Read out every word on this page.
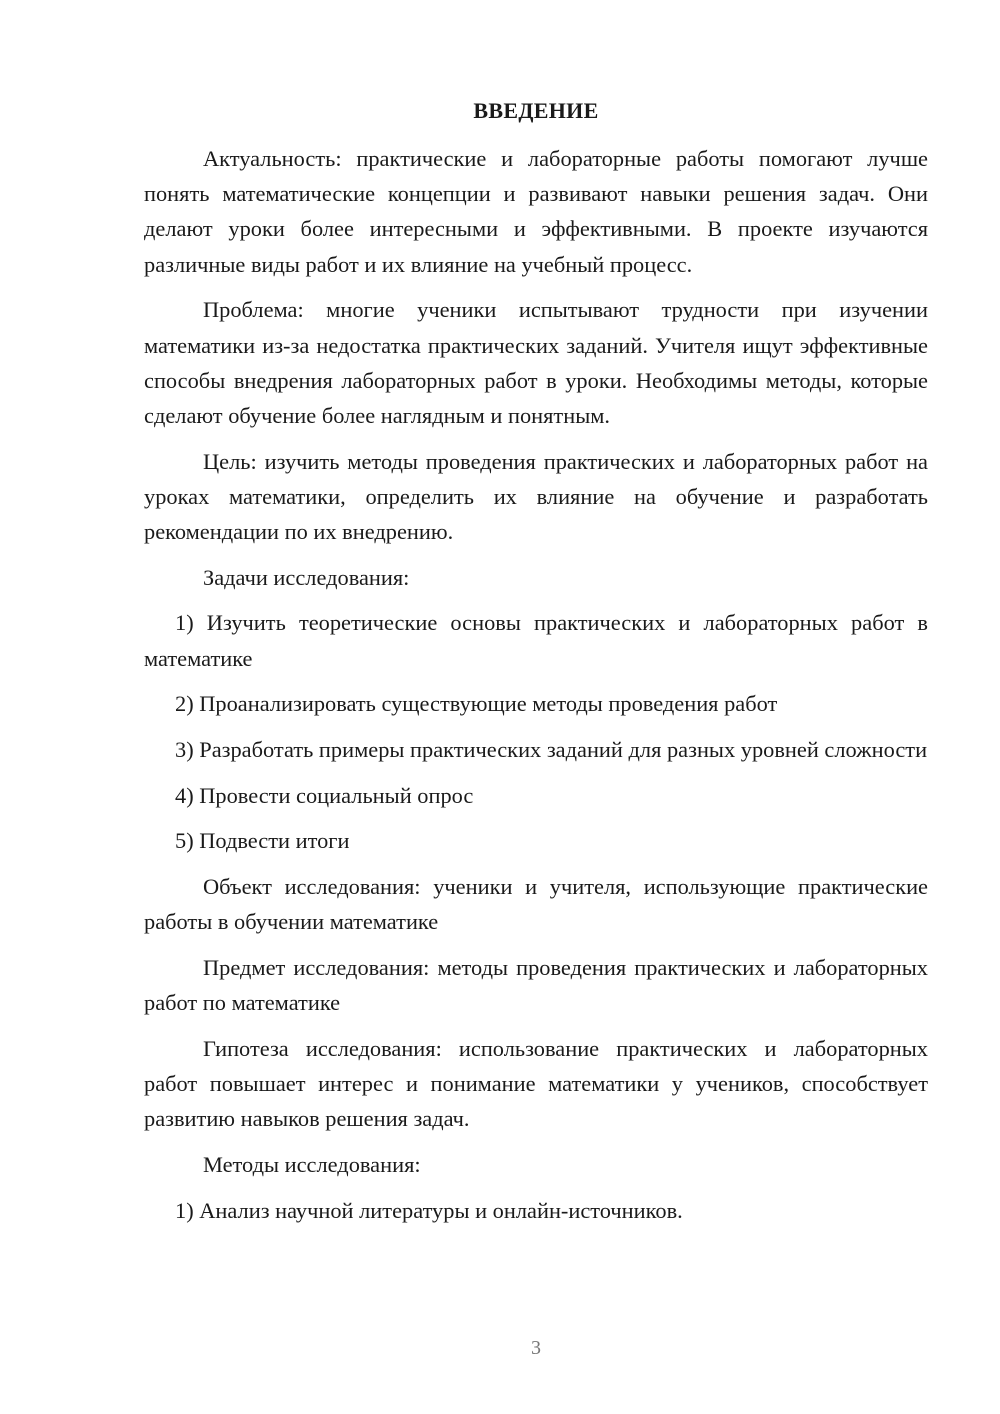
ВВЕДЕНИЕ

Актуальность: практические и лабораторные работы помогают лучше понять математические концепции и развивают навыки решения задач. Они делают уроки более интересными и эффективными. В проекте изучаются различные виды работ и их влияние на учебный процесс.

Проблема: многие ученики испытывают трудности при изучении математики из-за недостатка практических заданий. Учителя ищут эффективные способы внедрения лабораторных работ в уроки. Необходимы методы, которые сделают обучение более наглядным и понятным.

Цель: изучить методы проведения практических и лабораторных работ на уроках математики, определить их влияние на обучение и разработать рекомендации по их внедрению.

Задачи исследования:

1) Изучить теоретические основы практических и лабораторных работ в математике

2) Проанализировать существующие методы проведения работ

3) Разработать примеры практических заданий для разных уровней сложности

4) Провести социальный опрос

5) Подвести итоги

Объект исследования: ученики и учителя, использующие практические работы в обучении математике

Предмет исследования: методы проведения практических и лабораторных работ по математике

Гипотеза исследования: использование практических и лабораторных работ повышает интерес и понимание математики у учеников, способствует развитию навыков решения задач.

Методы исследования:

1) Анализ научной литературы и онлайн-источников.

3
